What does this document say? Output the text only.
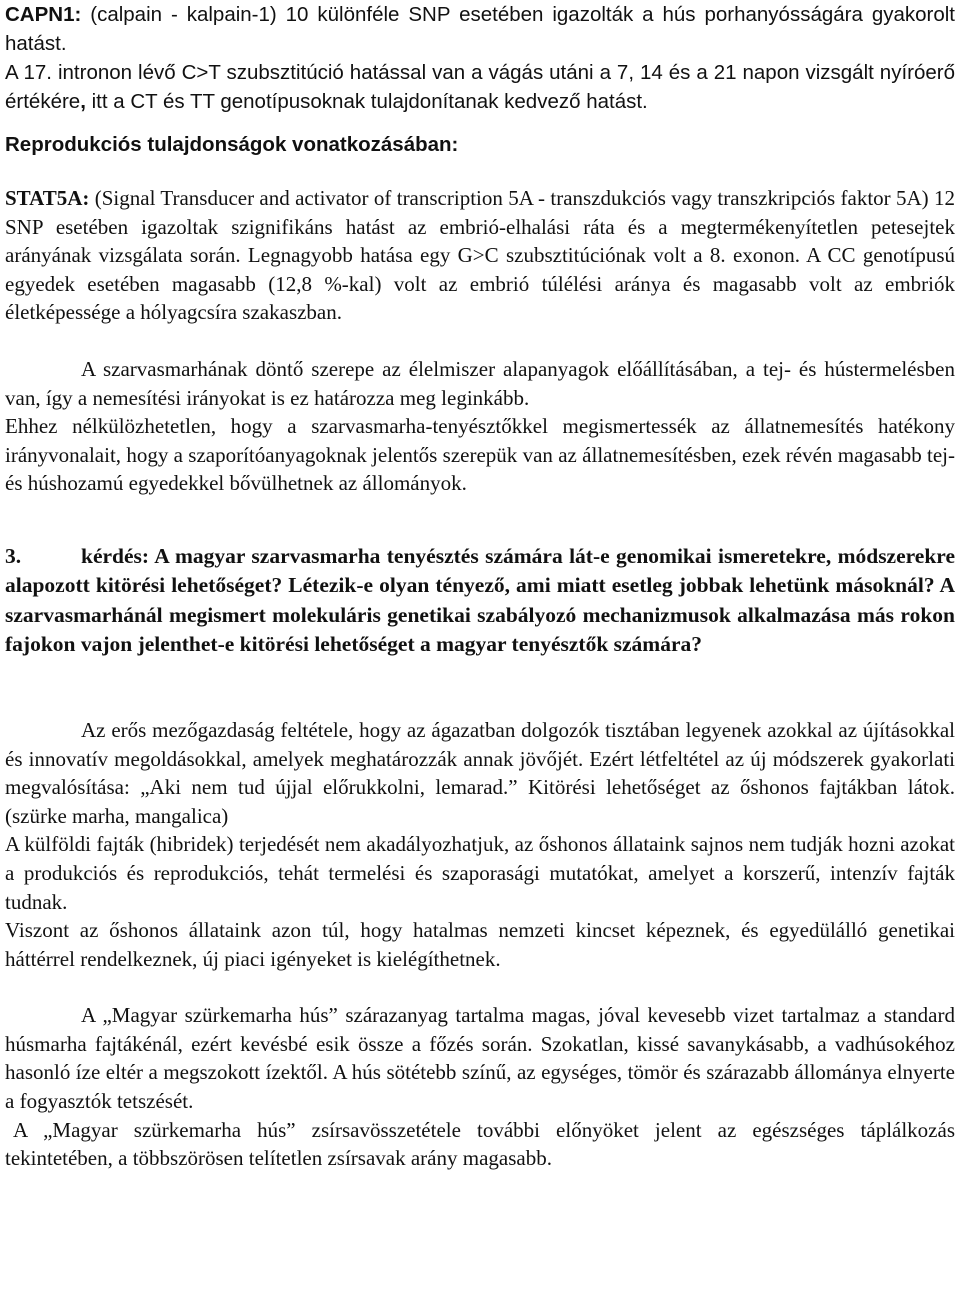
CAPN1: (calpain - kalpain-1) 10 különféle SNP esetében igazolták a hús porhanyósságára gyakorolt hatást.

A 17. intronon lévő C>T szubsztitúció hatással van a vágás utáni a 7, 14 és a 21 napon vizsgált nyíróerő értékére, itt a CT és TT genotípusoknak tulajdonítanak kedvező hatást.

Reprodukciós tulajdonságok vonatkozásában:

STAT5A: (Signal Transducer and activator of transcription 5A - transzdukciós vagy transzkripciós faktor 5A) 12 SNP esetében igazoltak szignifikáns hatást az embrió-elhalási ráta és a megtermékenyítetlen petesejtek arányának vizsgálata során. Legnagyobb hatása egy G>C szubsztitúciónak volt a 8. exonon. A CC genotípusú egyedek esetében magasabb (12,8 %-kal) volt az embrió túlélési aránya és magasabb volt az embriók életképessége a hólyagcsíra szakaszban.

A szarvasmarhának döntő szerepe az élelmiszer alapanyagok előállításában, a tej- és hústermelésben van, így a nemesítési irányokat is ez határozza meg leginkább.

Ehhez nélkülözhetetlen, hogy a szarvasmarha-tenyésztőkkel megismertessék az állatnemesítés hatékony irányvonalait, hogy a szaporítóanyagoknak jelentős szerepük van az állatnemesítésben, ezek révén magasabb tej- és húshozamú egyedekkel bővülhetnek az állományok.

3.	kérdés: A magyar szarvasmarha tenyésztés számára lát-e genomikai ismeretekre, módszerekre alapozott kitörési lehetőséget? Létezik-e olyan tényező, ami miatt esetleg jobbak lehetünk másoknál? A szarvasmarhánál megismert molekuláris genetikai szabályozó mechanizmusok alkalmazása más rokon fajokon vajon jelenthet-e kitörési lehetőséget a magyar tenyésztők számára?

Az erős mezőgazdaság feltétele, hogy az ágazatban dolgozók tisztában legyenek azokkal az újításokkal és innovatív megoldásokkal, amelyek meghatározzák annak jövőjét. Ezért létfeltétel az új módszerek gyakorlati megvalósítása: „Aki nem tud újjal előrukkolni, lemarad.” Kitörési lehetőséget az őshonos fajtákban látok. (szürke marha, mangalica)

A külföldi fajták (hibridek) terjedését nem akadályozhatjuk, az őshonos állataink sajnos nem tudják hozni azokat a produkciós és reprodukciós, tehát termelési és szaporasági mutatókat, amelyet a korszerű, intenzív fajták tudnak.

Viszont az őshonos állataink azon túl, hogy hatalmas nemzeti kincset képeznek, és egyedülálló genetikai háttérrel rendelkeznek, új piaci igényeket is kielégíthetnek.

A „Magyar szürkemarha hús” szárazanyag tartalma magas, jóval kevesebb vizet tartalmaz a standard húsmarha fajtákénál, ezért kevésbé esik össze a főzés során. Szokatlan, kissé savanykásabb, a vadhúsokéhoz hasonló íze eltér a megszokott ízektől. A hús sötétebb színű, az egységes, tömör és szárazabb állománya elnyerte a fogyasztók tetszését.

A „Magyar szürkemarha hús” zsírsavösszetétele további előnyöket jelent az egészséges táplálkozás tekintetében, a többszörösen telítetlen zsírsavak arány magasabb.
